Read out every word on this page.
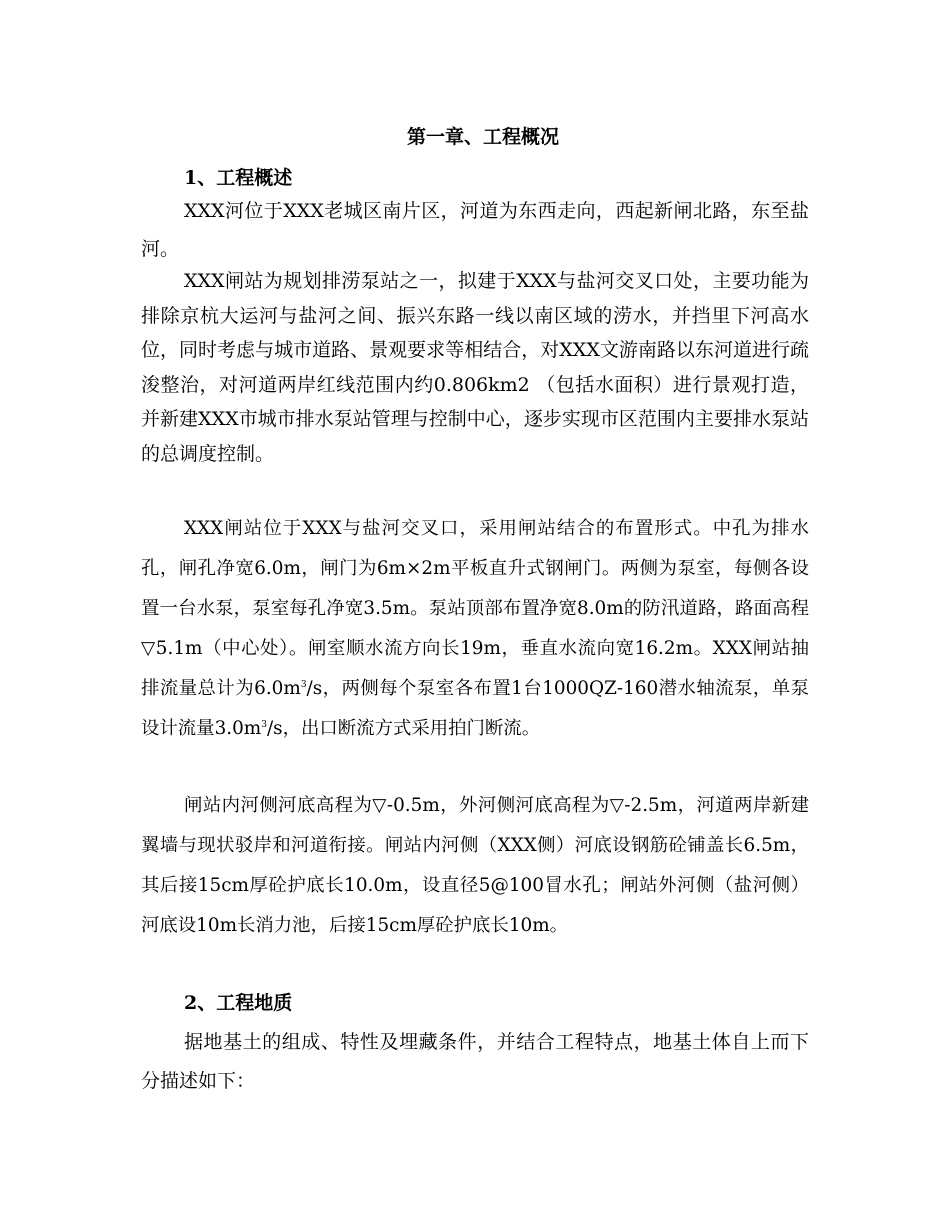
第一章、工程概况
1、工程概述

XXX河位于XXX老城区南片区，河道为东西走向，西起新闸北路，东至盐河。

XXX闸站为规划排涝泵站之一，拟建于XXX与盐河交叉口处，主要功能为排除京杭大运河与盐河之间、振兴东路一线以南区域的涝水，并挡里下河高水位，同时考虑与城市道路、景观要求等相结合，对XXX文游南路以东河道进行疏浚整治，对河道两岸红线范围内约0.806km2 （包括水面积）进行景观打造，并新建XXX市城市排水泵站管理与控制中心，逐步实现市区范围内主要排水泵站的总调度控制。

XXX闸站位于XXX与盐河交叉口，采用闸站结合的布置形式。中孔为排水孔，闸孔净宽6.0m，闸门为6m×2m平板直升式钢闸门。两侧为泵室，每侧各设置一台水泵，泵室每孔净宽3.5m。泵站顶部布置净宽8.0m的防汛道路，路面高程▽5.1m（中心处）。闸室顺水流方向长19m，垂直水流向宽16.2m。XXX闸站抽排流量总计为$6.0m^3/s$，两侧每个泵室各布置1台1000QZ-160潜水轴流泵，单泵设计流量$3.0m^3/s$，出口断流方式采用拍门断流。

闸站内河侧河底高程为▽-0.5m，外河侧河底高程为▽-2.5m，河道两岸新建翼墙与现状驳岸和河道衔接。闸站内河侧（XXX侧）河底设钢筋砼铺盖长6.5m，其后接15cm厚砼护底长10.0m，设直径5@100冒水孔；闸站外河侧（盐河侧）河底设10m长消力池，后接15cm厚砼护底长10m。

2、工程地质

据地基土的组成、特性及埋藏条件，并结合工程特点，地基土体自上而下分描述如下：
